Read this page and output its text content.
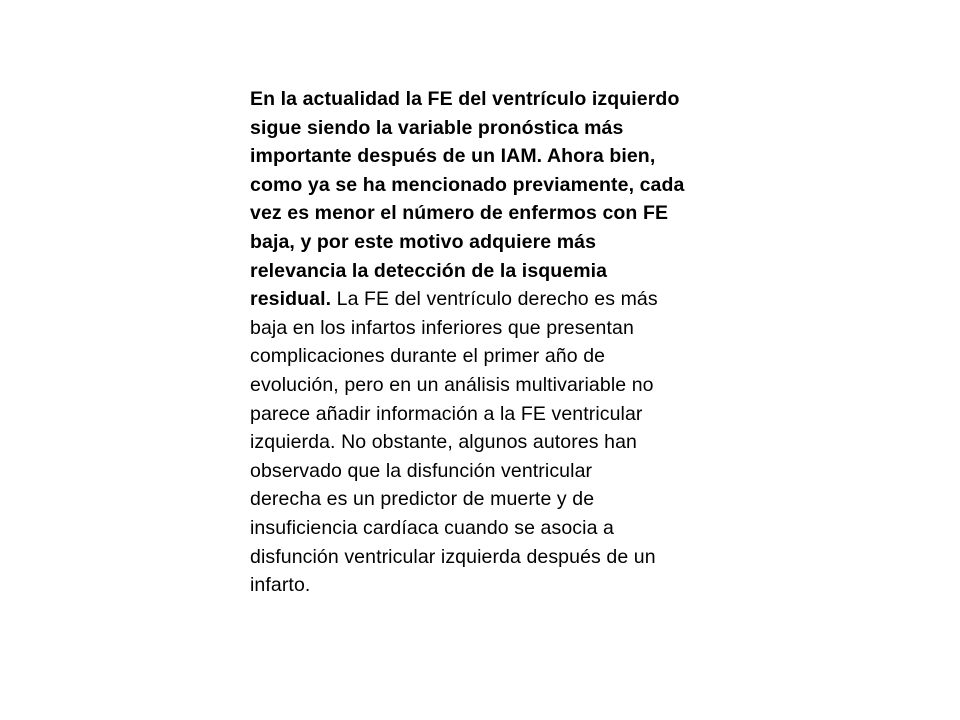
En la actualidad la FE del ventrículo izquierdo
sigue siendo la variable pronóstica más
importante después de un IAM. Ahora bien,
como ya se ha mencionado previamente, cada
vez es menor el número de enfermos con FE
baja, y por este motivo adquiere más
relevancia la detección de la isquemia
residual. La FE del ventrículo derecho es más
baja en los infartos inferiores que presentan
complicaciones durante el primer año de
evolución, pero en un análisis multivariable no
parece añadir información a la FE ventricular
izquierda. No obstante, algunos autores han
observado que la disfunción ventricular
derecha es un predictor de muerte y de
insuficiencia cardíaca cuando se asocia a
disfunción ventricular izquierda después de un
infarto.
